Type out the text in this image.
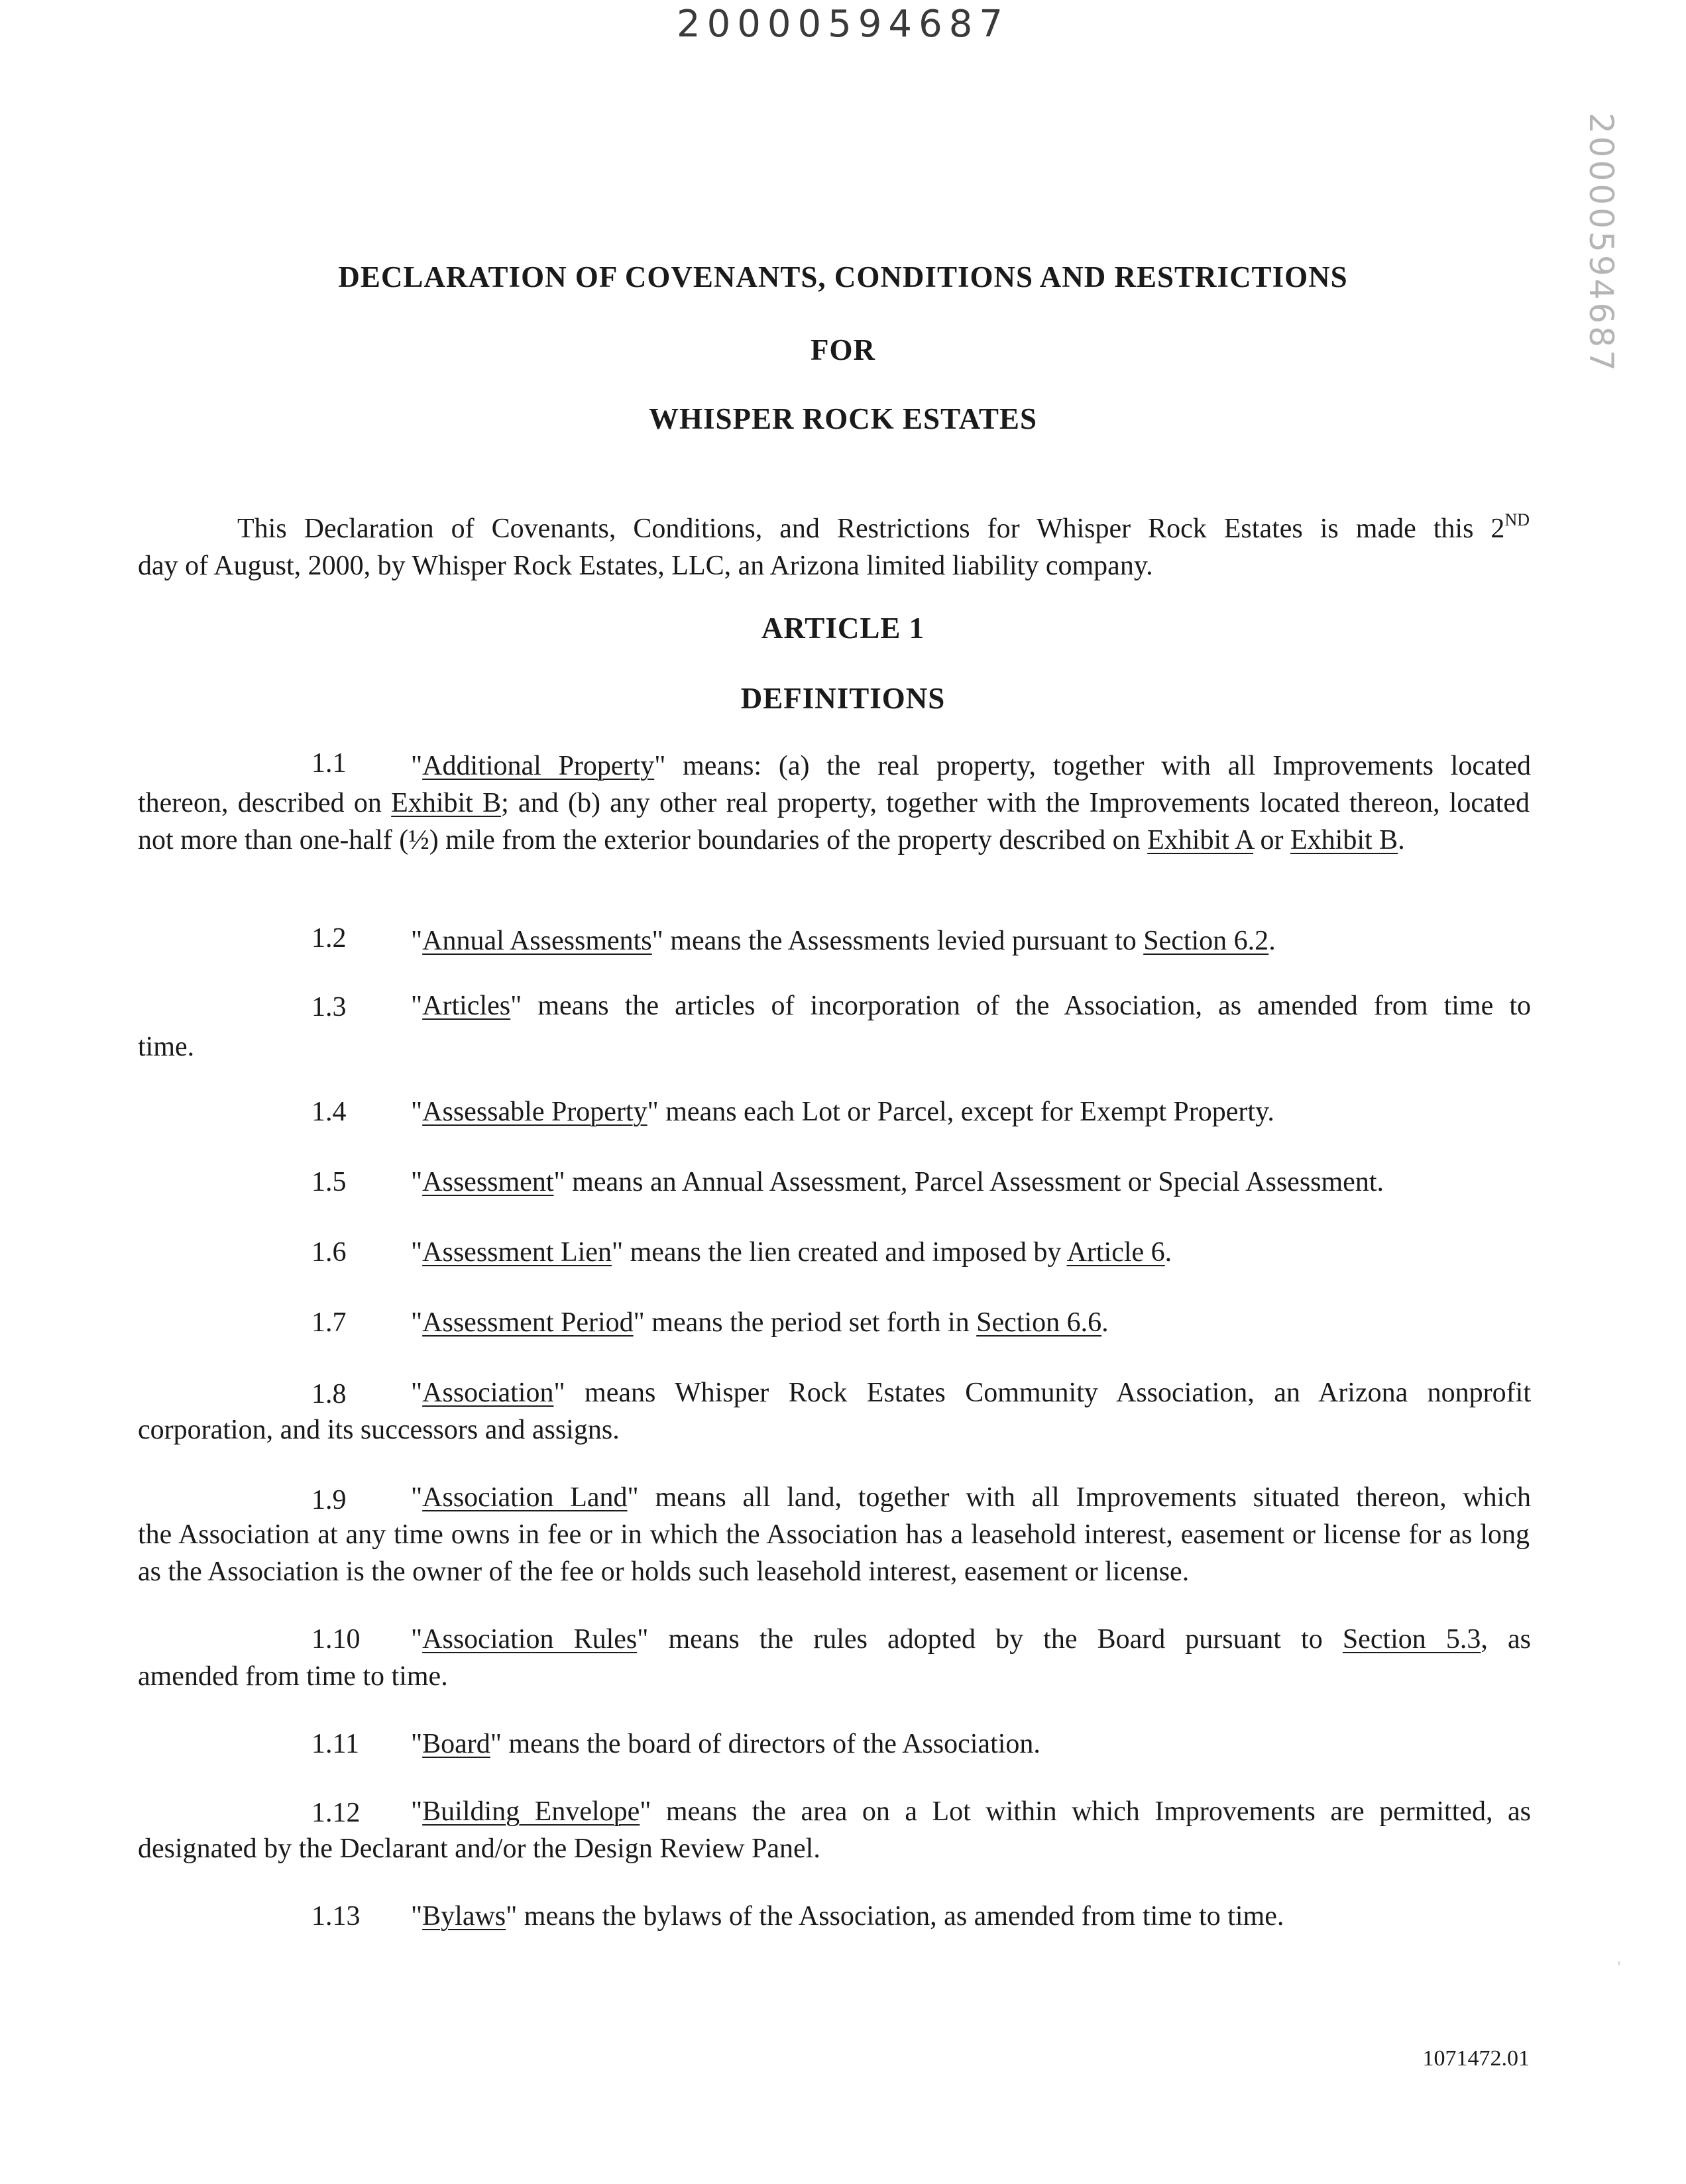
20000594687
20000594687
DECLARATION OF COVENANTS, CONDITIONS AND RESTRICTIONS
FOR
WHISPER ROCK ESTATES
This Declaration of Covenants, Conditions, and Restrictions for Whisper Rock Estates is made this 2ND
day of August, 2000, by Whisper Rock Estates, LLC, an Arizona limited liability company.
ARTICLE 1
DEFINITIONS
1.1	"Additional Property" means: (a) the real property, together with all Improvements located
thereon, described on Exhibit B; and (b) any other real property, together with the Improvements located thereon, located not more than one-half (½) mile from the exterior boundaries of the property described on Exhibit A or Exhibit B.
1.2	"Annual Assessments" means the Assessments levied pursuant to Section 6.2.
1.3	"Articles" means the articles of incorporation of the Association, as amended from time to
time.
1.4	"Assessable Property" means each Lot or Parcel, except for Exempt Property.
1.5	"Assessment" means an Annual Assessment, Parcel Assessment or Special Assessment.
1.6	"Assessment Lien" means the lien created and imposed by Article 6.
1.7	"Assessment Period" means the period set forth in Section 6.6.
1.8	"Association" means Whisper Rock Estates Community Association, an Arizona nonprofit
corporation, and its successors and assigns.
1.9	"Association Land" means all land, together with all Improvements situated thereon, which
the Association at any time owns in fee or in which the Association has a leasehold interest, easement or license for as long as the Association is the owner of the fee or holds such leasehold interest, easement or license.
1.10	"Association Rules" means the rules adopted by the Board pursuant to Section 5.3, as
amended from time to time.
1.11	"Board" means the board of directors of the Association.
1.12	"Building Envelope" means the area on a Lot within which Improvements are permitted, as
designated by the Declarant and/or the Design Review Panel.
1.13	"Bylaws" means the bylaws of the Association, as amended from time to time.
1071472.01
